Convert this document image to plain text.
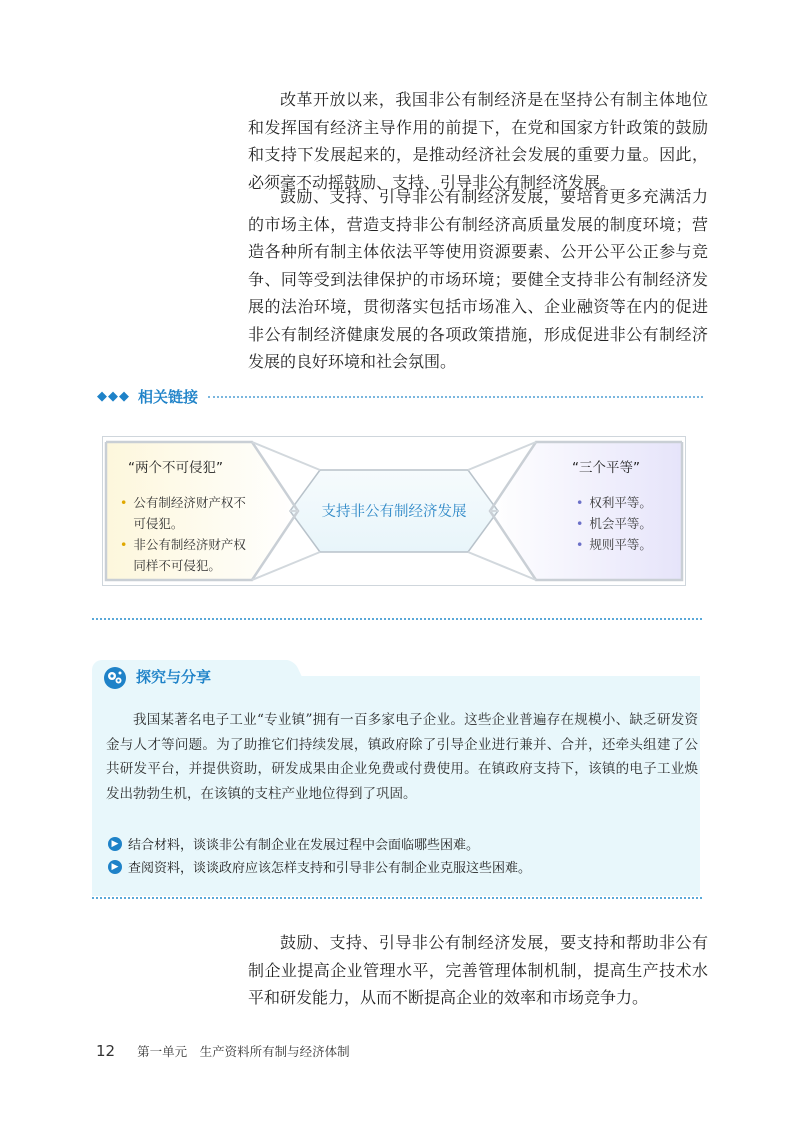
改革开放以来，我国非公有制经济是在坚持公有制主体地位和发挥国有经济主导作用的前提下，在党和国家方针政策的鼓励和支持下发展起来的，是推动经济社会发展的重要力量。因此，必须毫不动摇鼓励、支持、引导非公有制经济发展。

鼓励、支持、引导非公有制经济发展，要培育更多充满活力的市场主体，营造支持非公有制经济高质量发展的制度环境；营造各种所有制主体依法平等使用资源要素、公开公平公正参与竞争、同等受到法律保护的市场环境；要健全支持非公有制经济发展的法治环境，贯彻落实包括市场准入、企业融资等在内的促进非公有制经济健康发展的各项政策措施，形成促进非公有制经济发展的良好环境和社会氛围。

◆◆◆ 相关链接
“两个不可侵犯”
• 公有制经济财产权不可侵犯。
• 非公有制经济财产权同样不可侵犯。
支持非公有制经济发展
“三个平等”
• 权利平等。
• 机会平等。
• 规则平等。
探究与分享

我国某著名电子工业“专业镇”拥有一百多家电子企业。这些企业普遍存在规模小、缺乏研发资金与人才等问题。为了助推它们持续发展，镇政府除了引导企业进行兼并、合并，还牵头组建了公共研发平台，并提供资助，研发成果由企业免费或付费使用。在镇政府支持下，该镇的电子工业焕发出勃勃生机，在该镇的支柱产业地位得到了巩固。

▶ 结合材料，谈谈非公有制企业在发展过程中会面临哪些困难。
▶ 查阅资料，谈谈政府应该怎样支持和引导非公有制企业克服这些困难。

鼓励、支持、引导非公有制经济发展，要支持和帮助非公有制企业提高企业管理水平，完善管理体制机制，提高生产技术水平和研发能力，从而不断提高企业的效率和市场竞争力。

12 第一单元　生产资料所有制与经济体制
